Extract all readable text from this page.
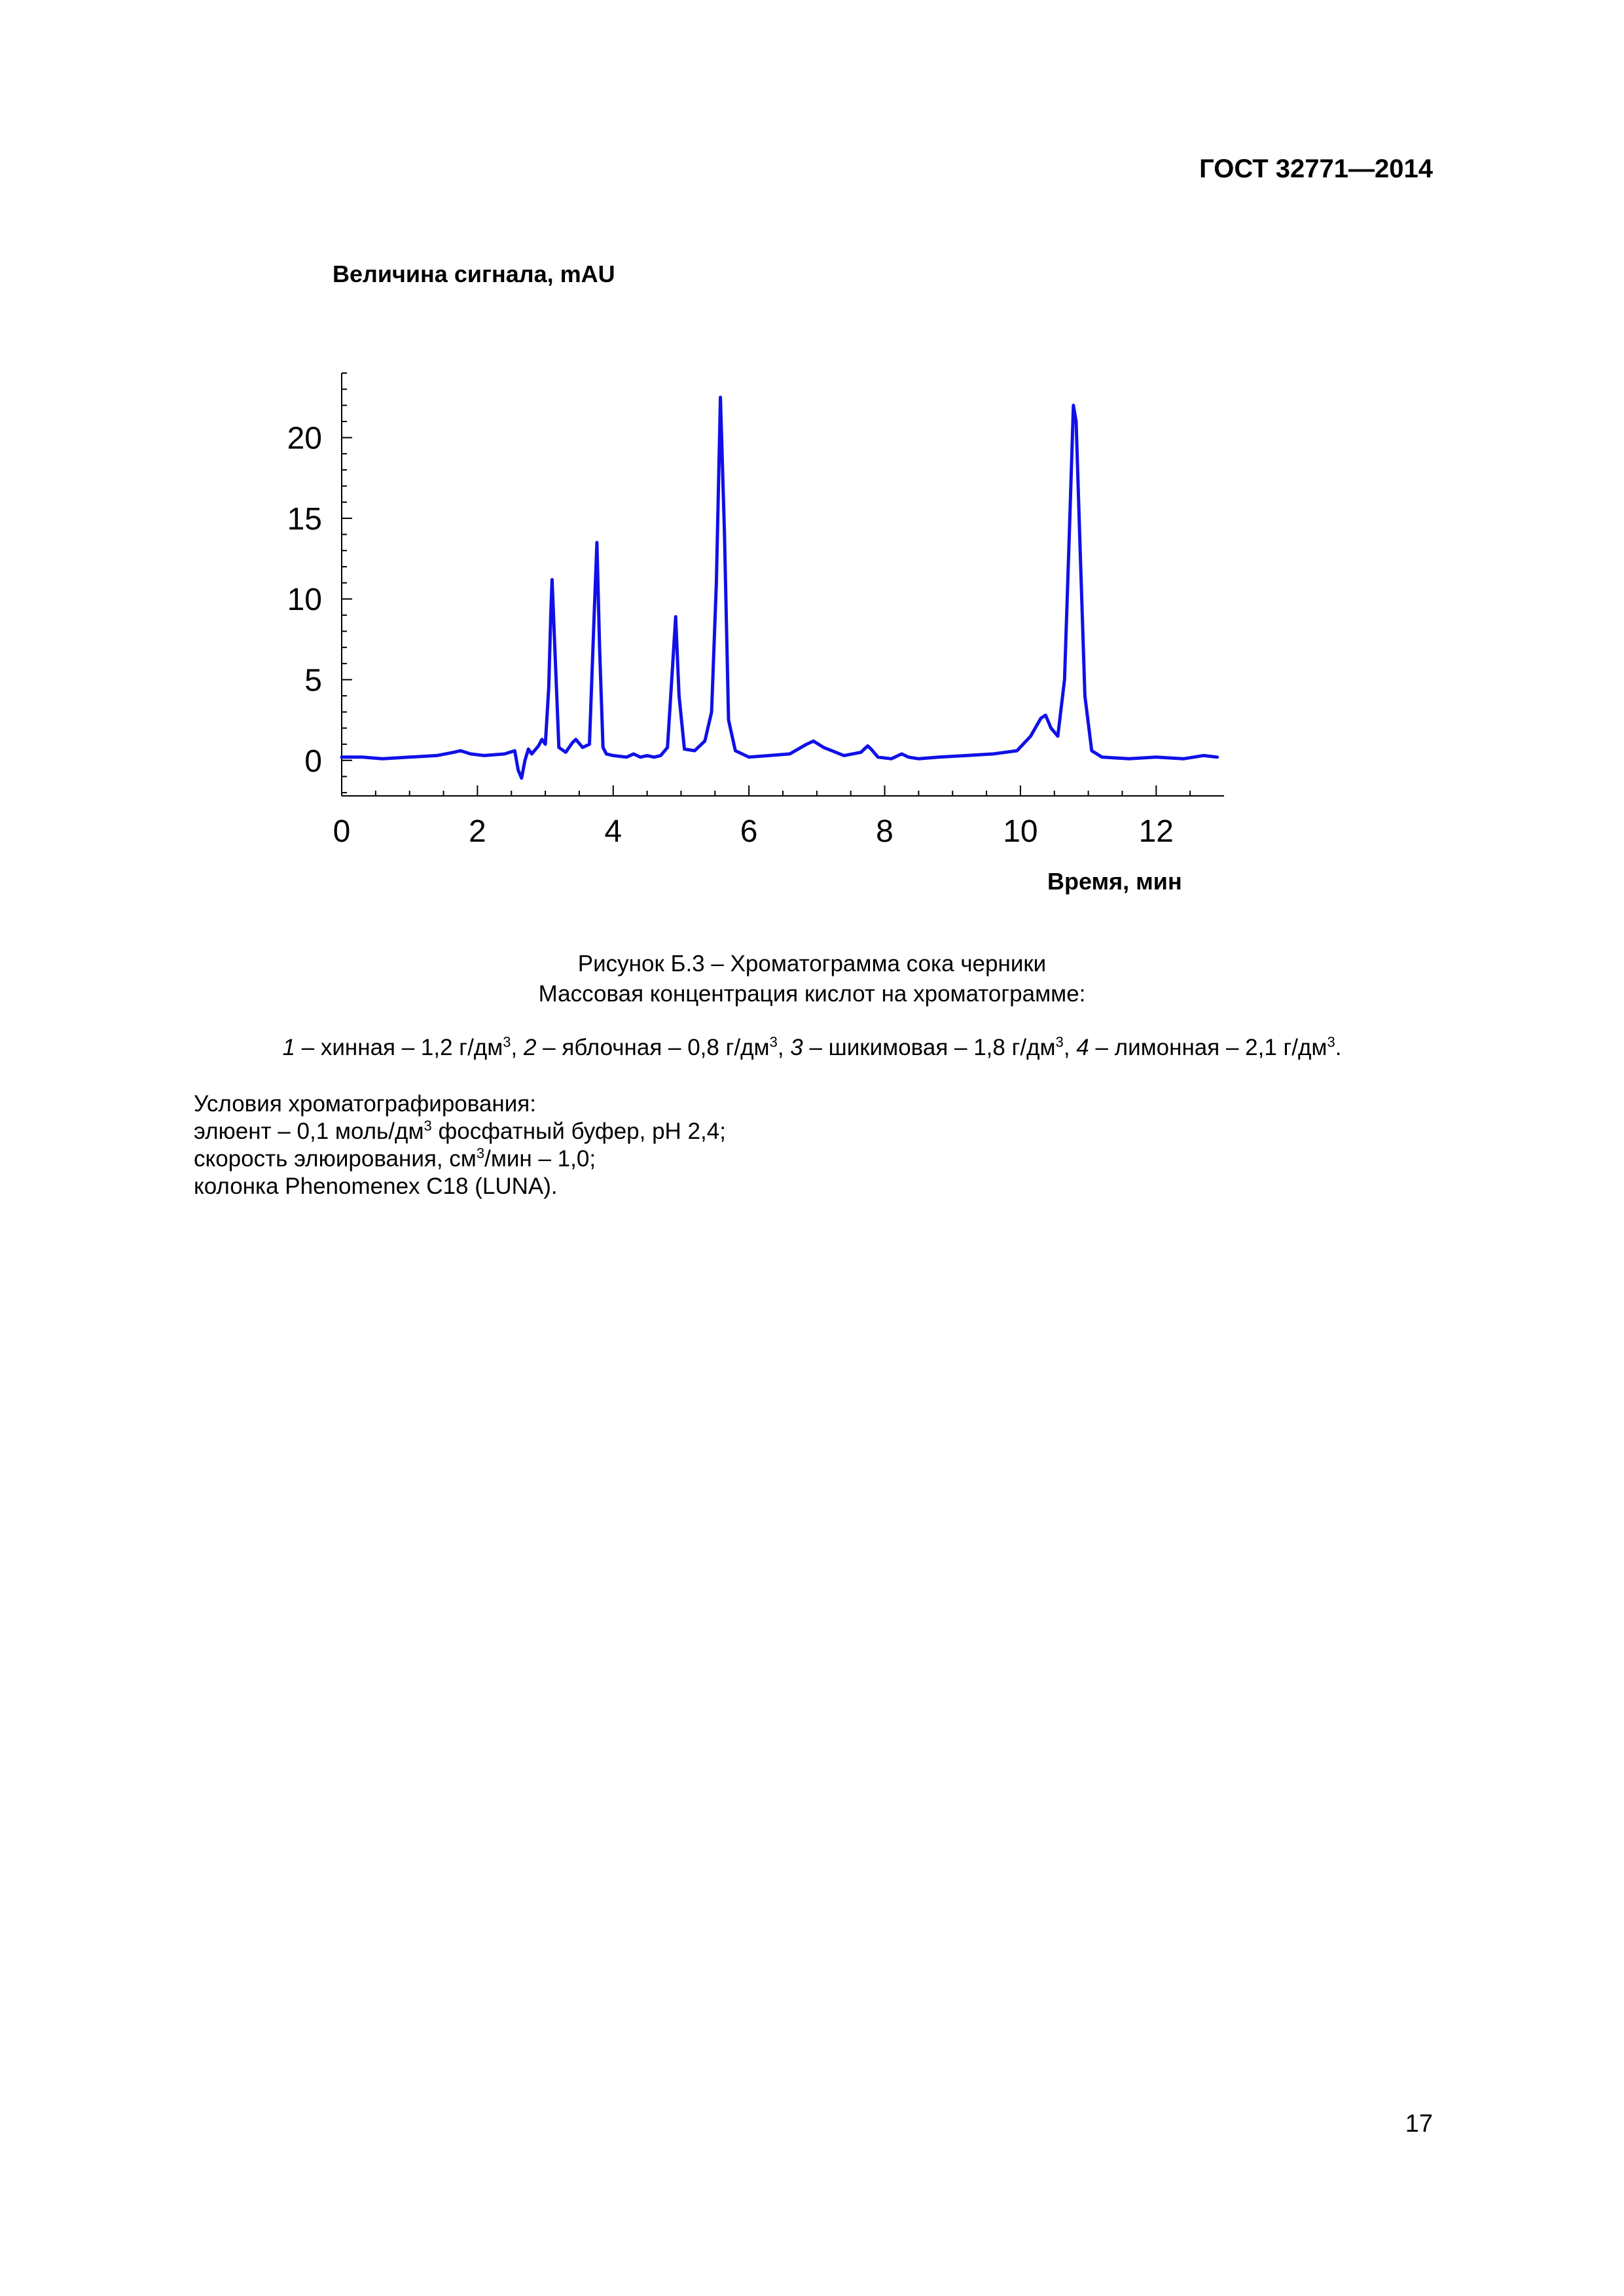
ГОСТ 32771—2014
0	2	4	6	8	10	12
0
5
10
15
20
Величина сигнала, mAU
Время, мин
Рисунок Б.3 – Хроматограмма сока черники
Массовая концентрация кислот на хроматограмме:
1 – хинная – 1,2 $г/дм^3$, 2 – яблочная – 0,8 $г/дм^3$, 3 – шикимовая – 1,8 $г/дм^3$, 4 – лимонная – 2,1 $г/дм^3$.
Условия хроматографирования:
элюент – 0,1 моль/$дм^3$ фосфатный буфер, pH 2,4;
скорость элюирования, $см^3$/мин – 1,0;
колонка Phenomenex C18 (LUNA).
17
